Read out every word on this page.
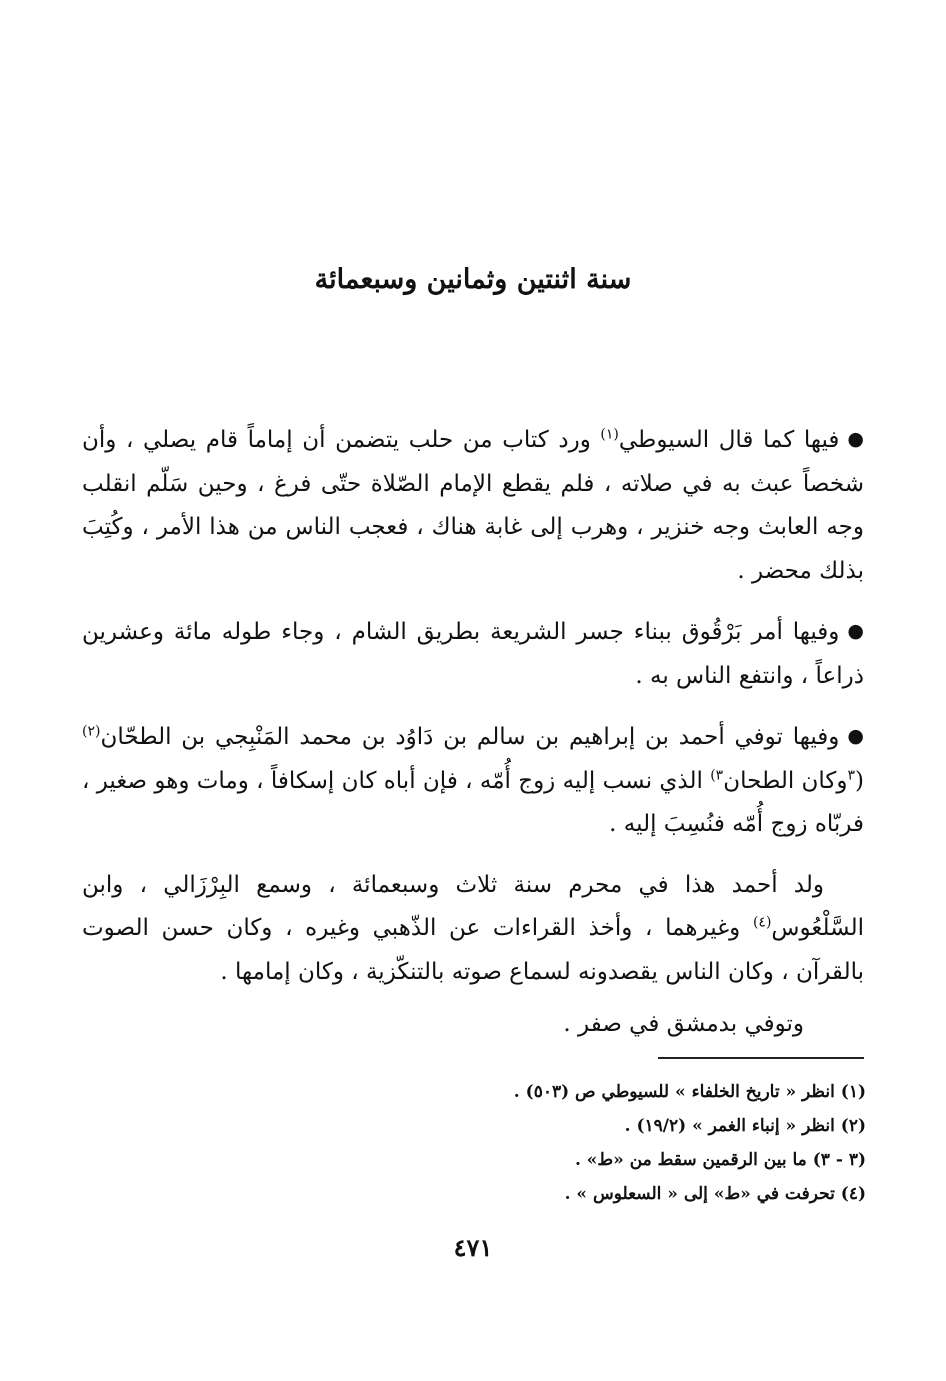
سنة اثنتين وثمانين وسبعمائة

●فيها كما قال السيوطي$^{(١)}$ ورد كتاب من حلب يتضمن أن إماماً قام يصلي ، وأن شخصاً عبث به في صلاته ، فلم يقطع الإمام الصّلاة حتّى فرغ ، وحين سَلّم انقلب وجه العابث وجه خنزير ، وهرب إلى غابة هناك ، فعجب الناس من هذا الأمر ، وكُتِبَ بذلك محضر .

●وفيها أمر بَرْقُوق ببناء جسر الشريعة بطريق الشام ، وجاء طوله مائة وعشرين ذراعاً ، وانتفع الناس به .

●وفيها توفي أحمد بن إبراهيم بن سالم بن دَاوُد بن محمد المَنْبِجي بن الطحّان$^{(٢)}$ ($^٣$وكان الطحان$^{٣)}$ الذي نسب إليه زوج أُمّه ، فإن أباه كان إسكافاً ، ومات وهو صغير ، فربّاه زوج أُمّه فنُسِبَ إليه .

ولد أحمد هذا في محرم سنة ثلاث وسبعمائة ، وسمع البِرْزَالي ، وابن السَّلْعُوس$^{(٤)}$ وغيرهما ، وأخذ القراءات عن الذّهبي وغيره ، وكان حسن الصوت بالقرآن ، وكان الناس يقصدونه لسماع صوته بالتنكّزية ، وكان إمامها .

وتوفي بدمشق في صفر .

(١) انظر « تاريخ الخلفاء » للسيوطي ص (٥٠٣) .
(٢) انظر « إنباء الغمر » (١٩/٢) .
(٣ - ٣) ما بين الرقمين سقط من «ط» .
(٤) تحرفت في «ط» إلى « السعلوس » .
٤٧١
